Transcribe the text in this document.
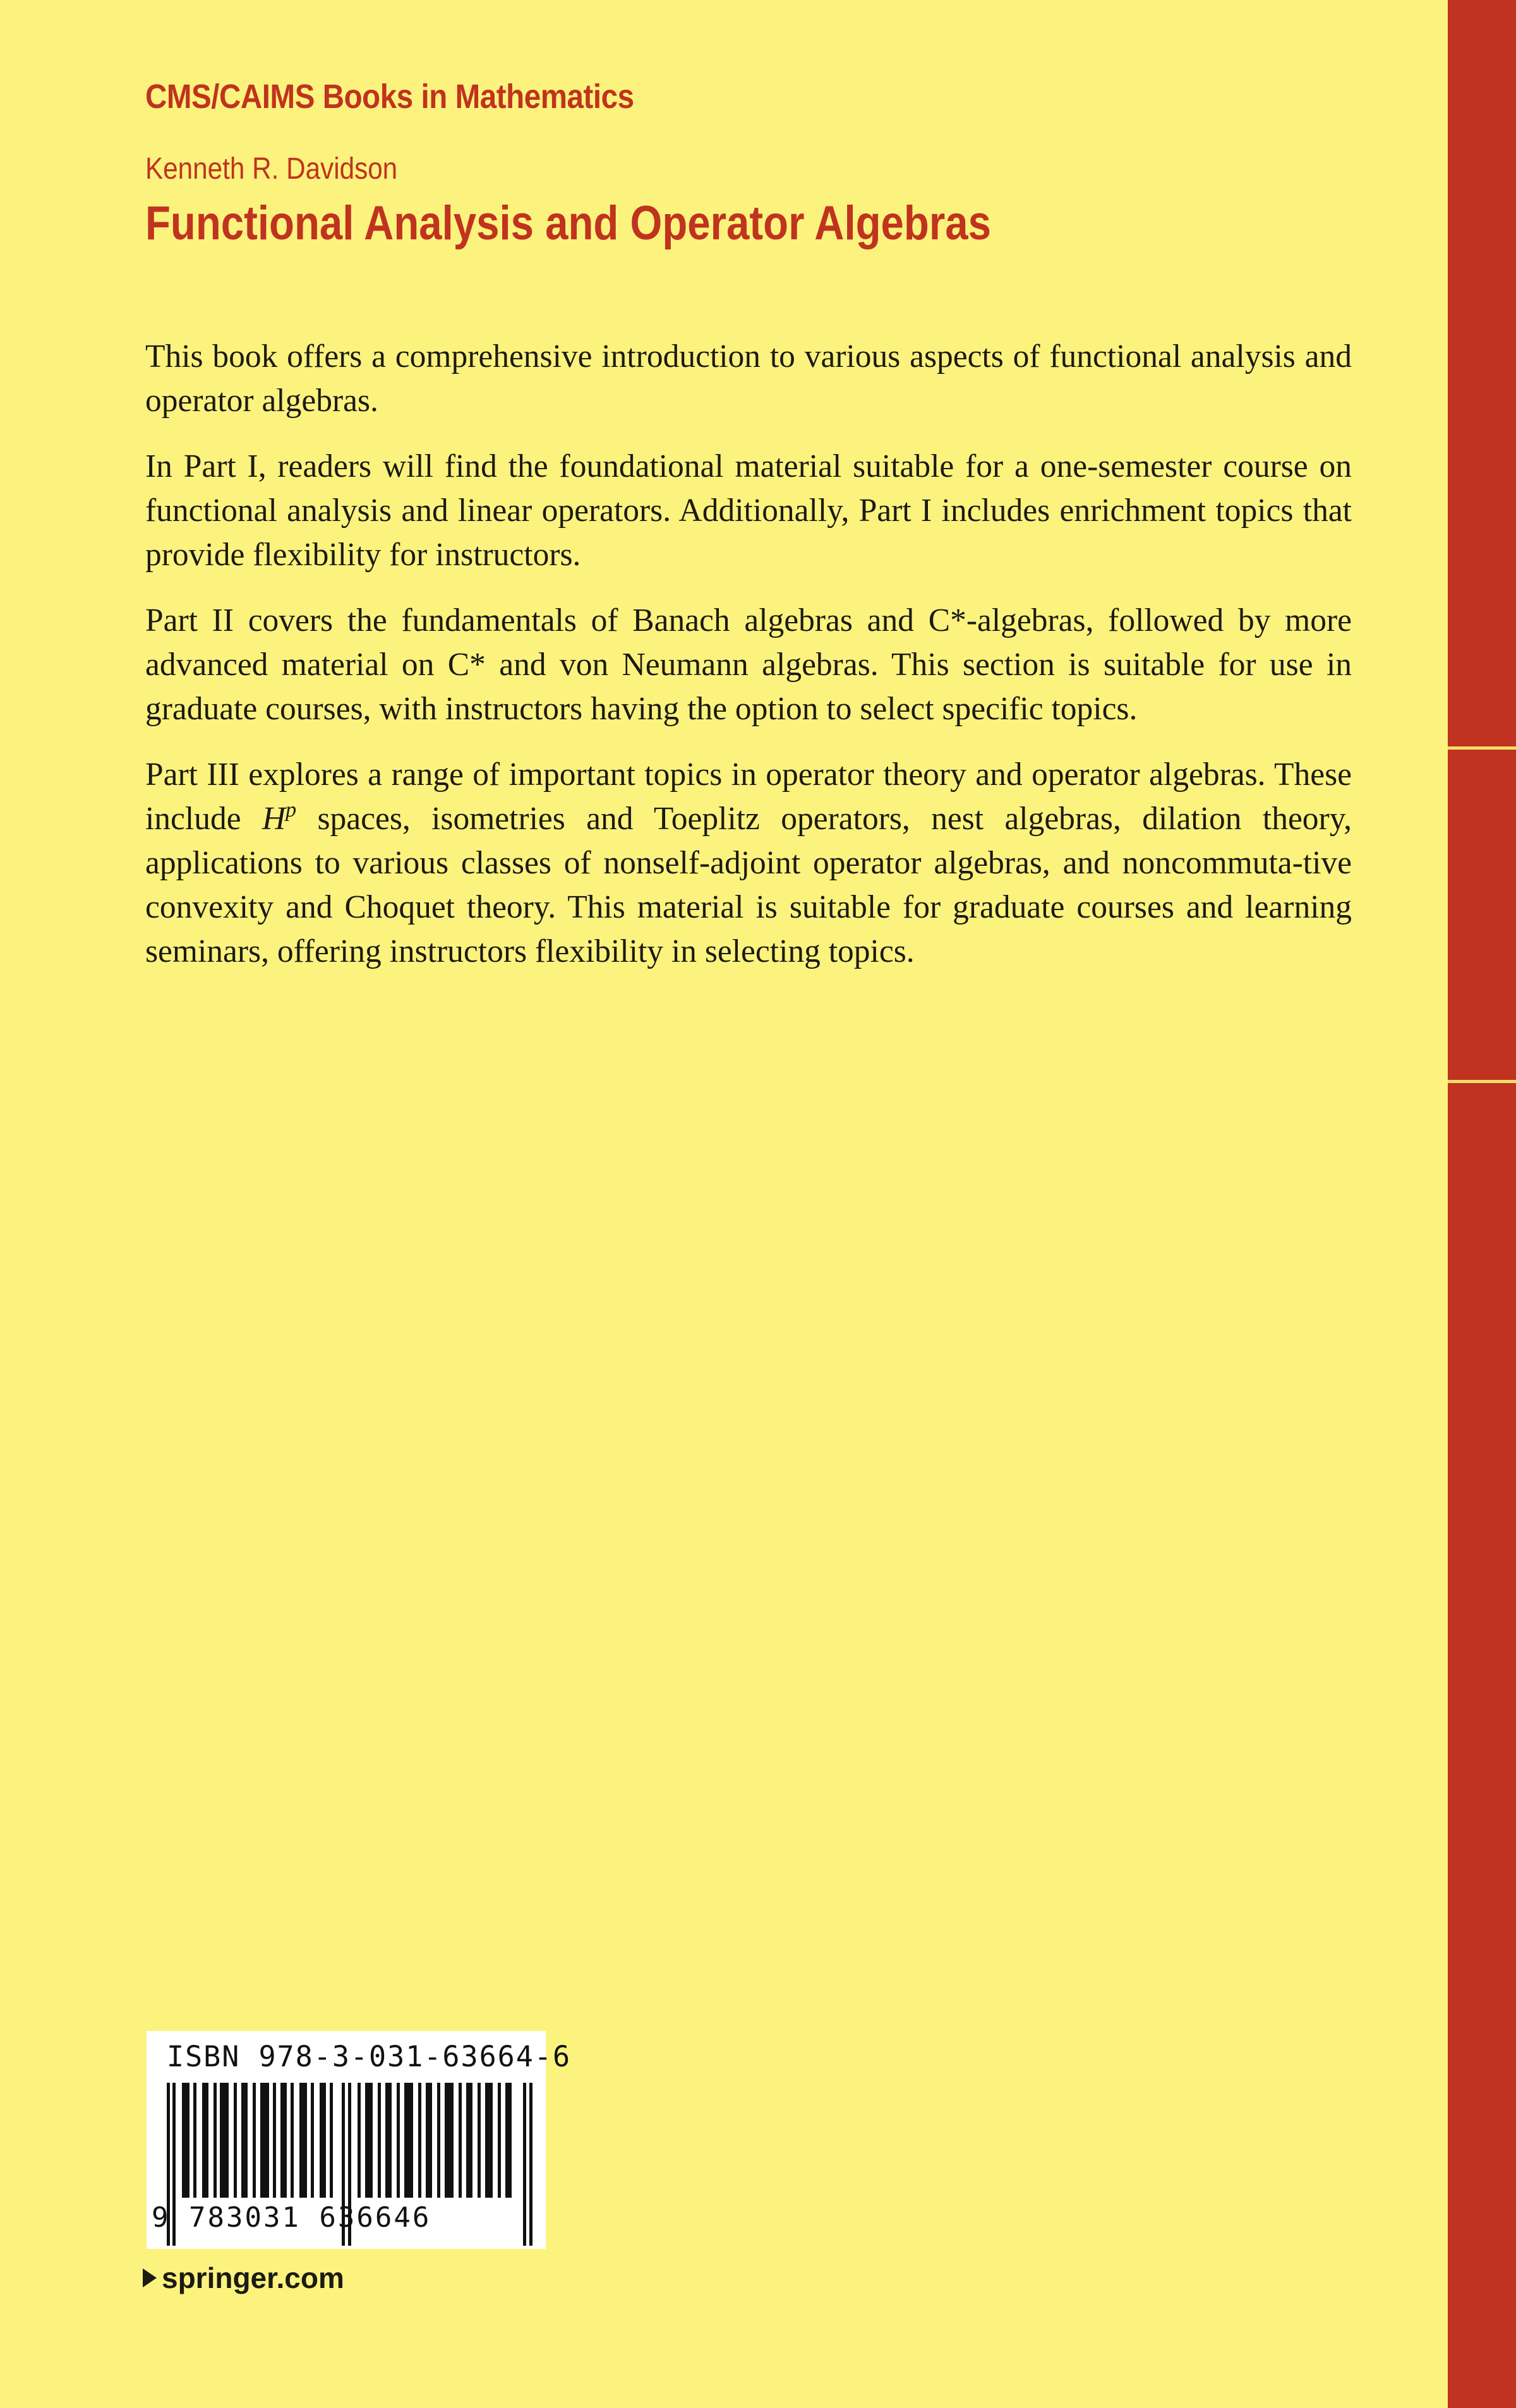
CMS/CAIMS Books in Mathematics
Kenneth R. Davidson
Functional Analysis and Operator Algebras

This book offers a comprehensive introduction to various aspects of functional analysis and operator algebras.

In Part I, readers will find the foundational material suitable for a one-semester course on functional analysis and linear operators. Additionally, Part I includes enrichment topics that provide flexibility for instructors.

Part II covers the fundamentals of Banach algebras and C*-algebras, followed by more advanced material on C* and von Neumann algebras. This section is suitable for use in graduate courses, with instructors having the option to select specific topics.

Part III explores a range of important topics in operator theory and operator algebras. These include $H^p$ spaces, isometries and Toeplitz operators, nest algebras, dilation theory, applications to various classes of nonself-adjoint operator algebras, and noncommuta-tive convexity and Choquet theory. This material is suitable for graduate courses and learning seminars, offering instructors flexibility in selecting topics.

ISBN 978-3-031-63664-6
9 783031 636646
springer.com
